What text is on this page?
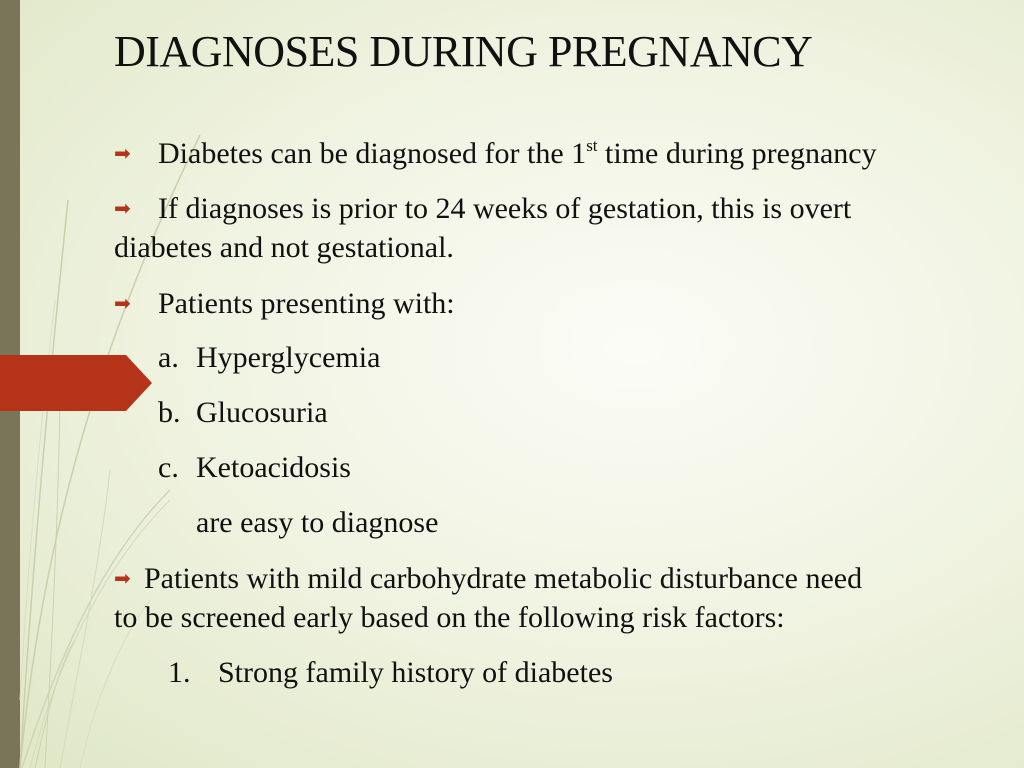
DIAGNOSES DURING PREGNANCY
➡︎ Diabetes can be diagnosed for the 1st time during pregnancy
➡︎ If diagnoses is prior to 24 weeks of gestation, this is overt
diabetes and not gestational.
➡︎ Patients presenting with:
a. Hyperglycemia
b. Glucosuria
c. Ketoacidosis
are easy to diagnose
➡︎ Patients with mild carbohydrate metabolic disturbance need
to be screened early based on the following risk factors:
1. Strong family history of diabetes
